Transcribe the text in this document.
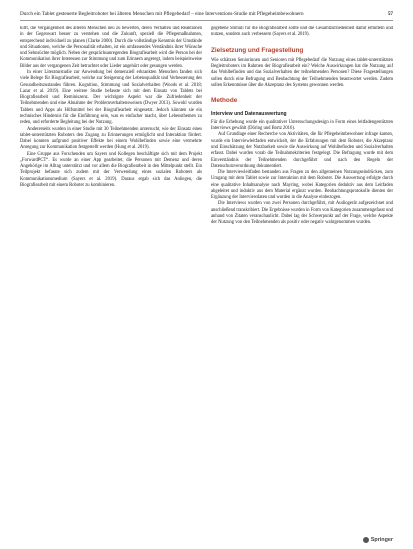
Durch ein Tablet gesteuerte Begleitroboter bei älteren Menschen mit Pflegebedarf – eine Interventions-Studie mit Pflegeheimbewohnern	57

hilft, die Vergangenheit des älteren Menschen neu zu bewerten, deren Verhalten und Reaktionen in der Gegenwart besser zu verstehen und die Zukunft, speziell die Pflegemaßnahmen, entsprechend individuell zu planen (Clarke 2000). Durch die vollständige Kenntnis der Umstände und Situationen, welche die Personalität erhalten, ist ein umfassendes Verständnis ihrer Wünsche und Sehnsüchte möglich. Neben der gesprächsanregenden Biografiearbeit wird die Person bei der Kommunikation ihrer Interessen zur Stimmung und zum Erinnern angeregt, indem beispielsweise Bilder aus der vergangenen Zeit betrachtet oder Lieder angehört oder gesungen werden.

In einer Literaturstudie zur Anwendung bei demenziell erkrankten Menschen fanden sich viele Belege für Biografiearbeit, welche zur Steigerung der Lebensqualität und Verbesserung des Gesundheitszustandes führen. Kognition, Stimmung und Sozialverhalten (Woods et al. 2018; Lazar et al. 2019). Eine weitere Studie befasste sich mit dem Einsatz von Tablets bei Biografiearbeit und Reminiszenz. Der wichtigste Aspekt war die Zufriedenheit der Teilnehmenden und eine Abnahme der Problemverhaltensweisen (Dwyer 2013). Sowohl wurden Tablets und Apps als Hilfsmittel bei der Biografiearbeit eingesetzt. Jedoch könnten sie ein technisches Hindernis für die Einführung sein, was es einfacher macht, über Lebensthemen zu reden, und erforderte Begleitung bei der Nutzung.

Andererseits wurden in einer Studie mit 30 Teilnehmenden untersucht, wie der Einsatz eines tablet-unterstützten Roboters den Zugang zu Erinnerungen ermöglicht und Interaktion fördert. Dabei konnten aufgrund positiver Effekte bei einem Wohlbefinden sowie eine vermehrte Anregung zur Kommunikation festgestellt werden (Hung et al. 2019).

Eine Gruppe aus Forschenden um Sayers und Kollegen beschäftigte sich mit dem Projekt „ForwardPCT“. Es wurde an einer App gearbeitet, die Personen mit Demenz und deren Angehörige im Alltag unterstützt und vor allem die Biografiearbeit in den Mittelpunkt stellt. Ein Teilprojekt befasste sich zudem mit der Verwendung eines sozialen Roboters als Kommunikationsmedium (Sayers et al. 2019). Daraus ergab sich das Anliegen, die Biografiearbeit mit einem Roboter zu kombinieren.

gegebene Stimuli für die Biografiearbeit sollte und die Gesamtzufriedenheit damit ermitteln und nutzen, sondern auch verbessern (Sayers et al. 2019).

Zielsetzung und Fragestellung

Wie schätzen Seniorinnen und Senioren mit Pflegebedarf die Nutzung eines tablet-unterstützten Begleitroboters im Rahmen der Biografiearbeit ein? Welche Auswirkungen hat die Nutzung auf das Wohlbefinden und das Sozialverhalten der teilnehmenden Personen? Diese Fragestellungen sollen durch eine Befragung und Beobachtung der Teilnehmenden beantwortet werden. Zudem sollen Erkenntnisse über die Akzeptanz des Systems gewonnen werden.

Methode
Interview und Datenauswertung

Für die Erhebung wurde ein qualitativer Untersuchungsdesign in Form eines leitfadengestützten Interviews gewählt (Döring und Bortz 2016).

Auf Grundlage einer Recherche von Aktivitäten, die für Pflegeheimbewohner infrage kamen, wurde ein Interviewleitfaden entwickelt, der die Erfahrungen mit dem Roboter, die Akzeptanz und Einschätzung der Nutzbarkeit sowie die Auswirkung auf Wohlbefinden und Sozialverhalten erfasst. Dabei wurden vorab die Teilnahmekriterien festgelegt. Die Befragung wurde mit dem Einverständnis der Teilnehmenden durchgeführt und nach den Regeln der Datenschutzverordnung dokumentiert.

Die Interviewleitfaden bestanden aus Fragen zu den allgemeinen Nutzungseindrücken, zum Umgang mit dem Tablet sowie zur Interaktion mit dem Roboter. Die Auswertung erfolgte durch eine qualitative Inhaltsanalyse nach Mayring, wobei Kategorien deduktiv aus dem Leitfaden abgeleitet und induktiv aus dem Material ergänzt wurden. Beobachtungsprotokolle dienten der Ergänzung der Interviewdaten und wurden in die Analyse einbezogen.

Die Interviews wurden von zwei Personen durchgeführt, mit Audiogerät aufgezeichnet und anschließend transkribiert. Die Ergebnisse wurden in Form von Kategorien zusammengefasst und anhand von Zitaten veranschaulicht. Dabei lag der Schwerpunkt auf der Frage, welche Aspekte der Nutzung von den Teilnehmenden als positiv oder negativ wahrgenommen wurden.

Springer
